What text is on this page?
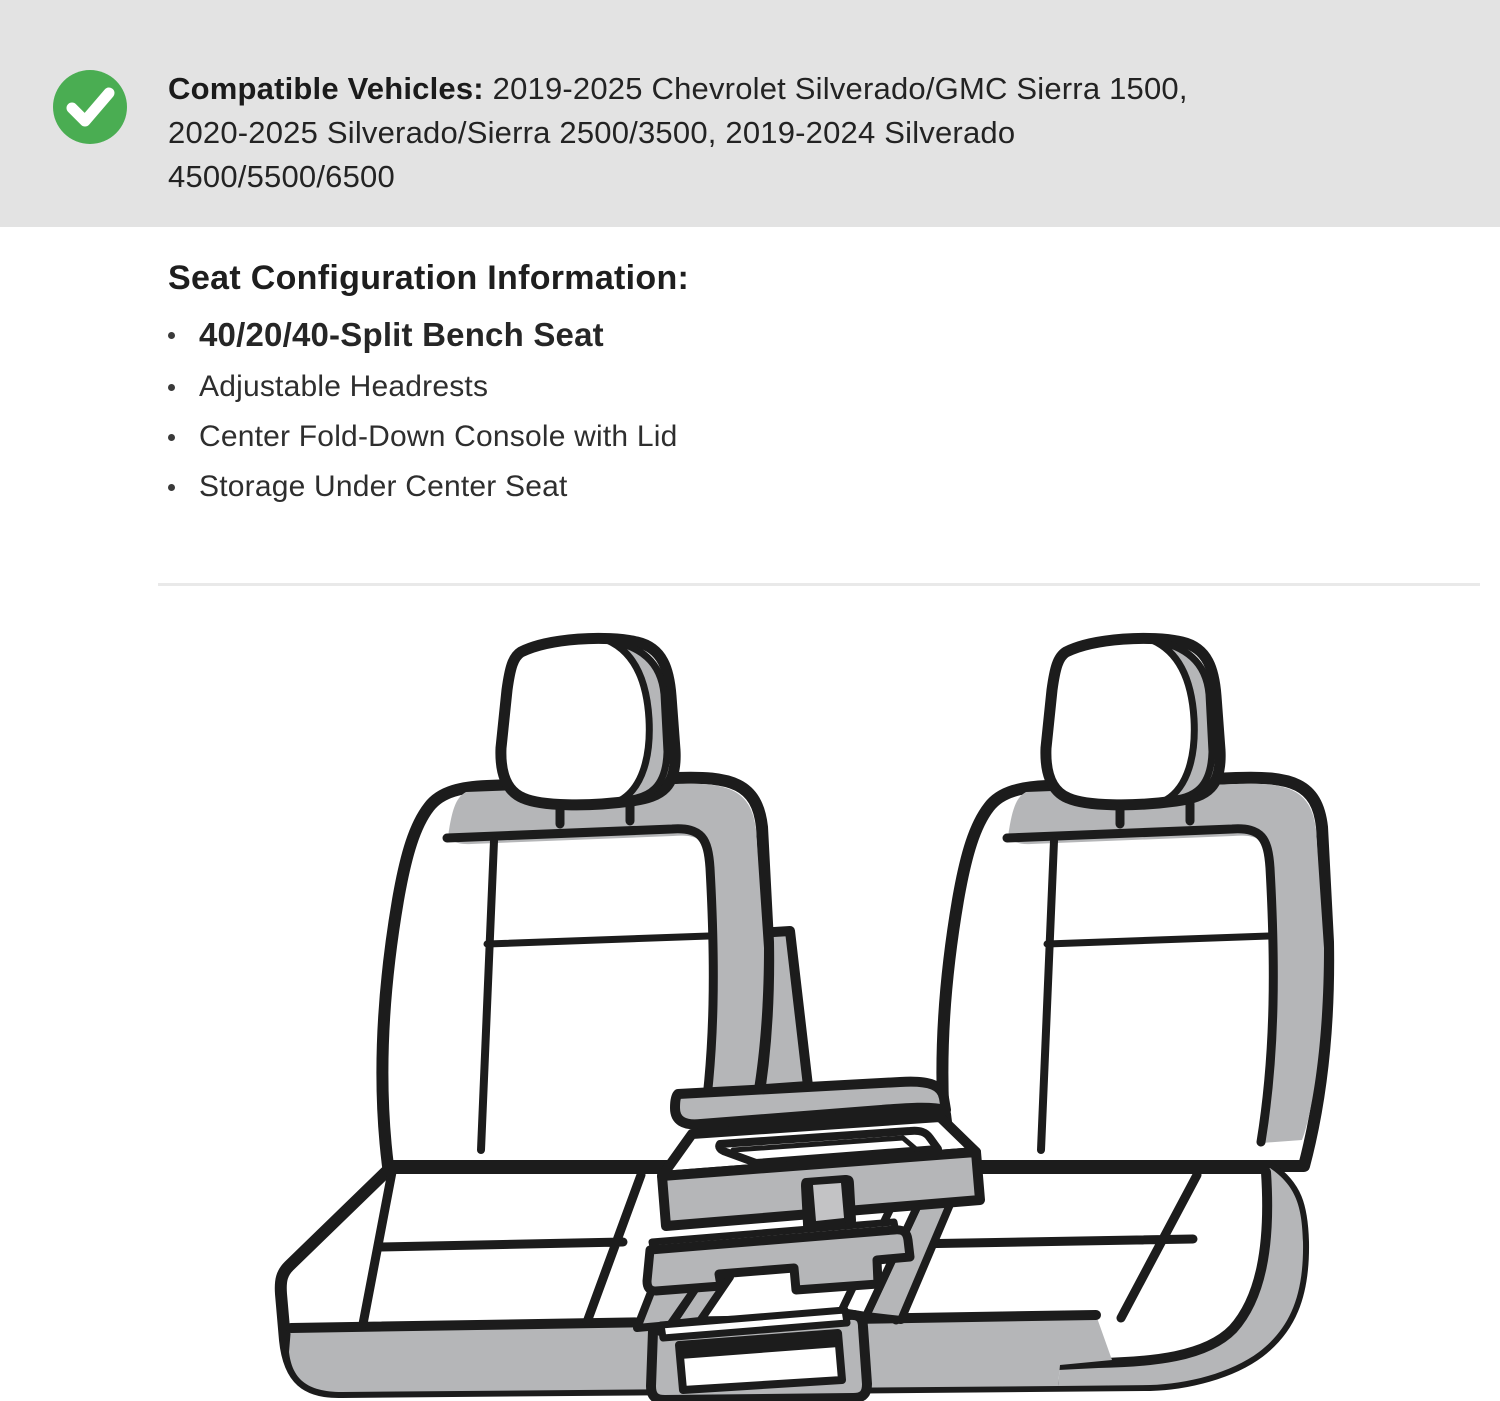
Compatible Vehicles: 2019-2025 Chevrolet Silverado/GMC Sierra 1500,
2020-2025 Silverado/Sierra 2500/3500, 2019-2024 Silverado
4500/5500/6500
Seat Configuration Information:
40/20/40-Split Bench Seat
Adjustable Headrests
Center Fold-Down Console with Lid
Storage Under Center Seat
